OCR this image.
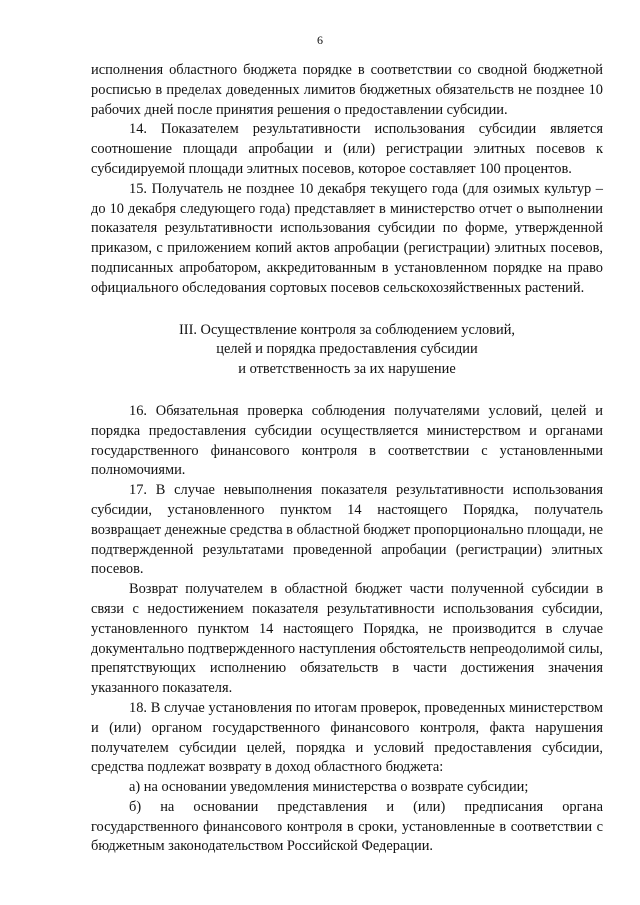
6

исполнения областного бюджета порядке в соответствии со сводной бюджетной росписью в пределах доведенных лимитов бюджетных обязательств не позднее 10 рабочих дней после принятия решения о предоставлении субсидии.

14. Показателем результативности использования субсидии является соотношение площади апробации и (или) регистрации элитных посевов к субсидируемой площади элитных посевов, которое составляет 100 процентов.

15. Получатель не позднее 10 декабря текущего года (для озимых культур – до 10 декабря следующего года) представляет в министерство отчет о выполнении показателя результативности использования субсидии по форме, утвержденной приказом, с приложением копий актов апробации (регистрации) элитных посевов, подписанных апробатором, аккредитованным в установленном порядке на право официального обследования сортовых посевов сельскохозяйственных растений.

III. Осуществление контроля за соблюдением условий,
целей и порядка предоставления субсидии
и ответственность за их нарушение

16. Обязательная проверка соблюдения получателями условий, целей и порядка предоставления субсидии осуществляется министерством и органами государственного финансового контроля в соответствии с установленными полномочиями.

17. В случае невыполнения показателя результативности использования субсидии, установленного пунктом 14 настоящего Порядка, получатель возвращает денежные средства в областной бюджет пропорционально площади, не подтвержденной результатами проведенной апробации (регистрации) элитных посевов.

Возврат получателем в областной бюджет части полученной субсидии в связи с недостижением показателя результативности использования субсидии, установленного пунктом 14 настоящего Порядка, не производится в случае документально подтвержденного наступления обстоятельств непреодолимой силы, препятствующих исполнению обязательств в части достижения значения указанного показателя.

18. В случае установления по итогам проверок, проведенных министерством и (или) органом государственного финансового контроля, факта нарушения получателем субсидии целей, порядка и условий предоставления субсидии, средства подлежат возврату в доход областного бюджета:

а) на основании уведомления министерства о возврате субсидии;

б) на основании представления и (или) предписания органа государственного финансового контроля в сроки, установленные в соответствии с бюджетным законодательством Российской Федерации.
